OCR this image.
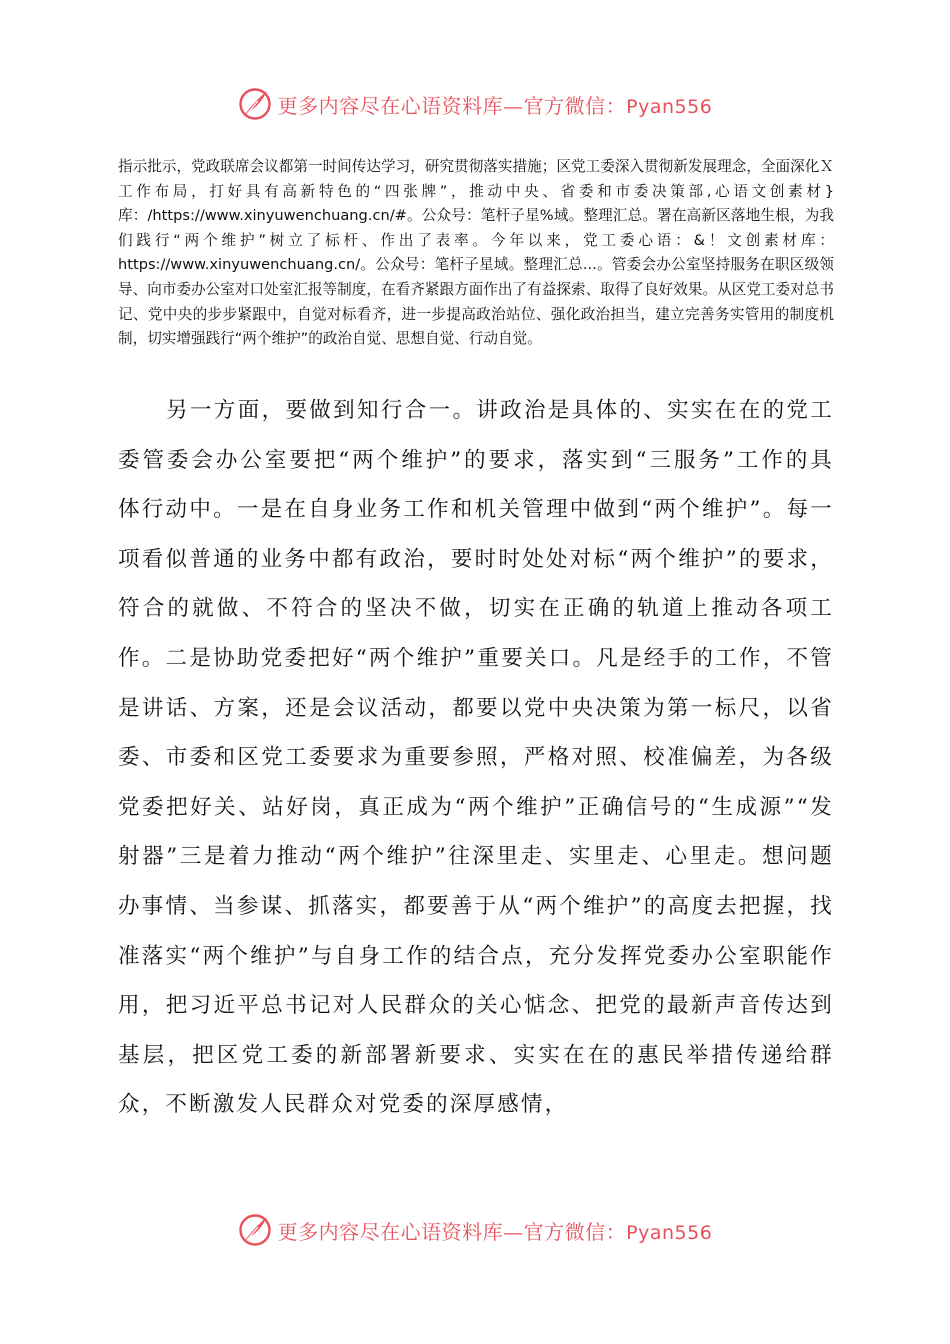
更多内容尽在心语资料库—官方微信：Pyan556

指示批示，党政联席会议都第一时间传达学习，研究贯彻落实措施；区党工委深入贯彻新发展理念，全面深化Ｘ工作布局，打好具有高新特色的“四张牌”，推动中央、省委和市委决策部,心语文创素材}库：/https://www.xinyuwenchuang.cn/#。公众号：笔杆子星%域。整理汇总。署在高新区落地生根，为我们践行“两个维护”树立了标杆、作出了表率。今年以来，党工委心语：&！文创素材库：https://www.xinyuwenchuang.cn/。公众号：笔杆子星域。整理汇总...。管委会办公室坚持服务在职区级领导、向市委办公室对口处室汇报等制度，在看齐紧跟方面作出了有益探索、取得了良好效果。从区党工委对总书记、党中央的步步紧跟中，自觉对标看齐，进一步提高政治站位、强化政治担当，建立完善务实管用的制度机制，切实增强践行“两个维护”的政治自觉、思想自觉、行动自觉。

另一方面，要做到知行合一。讲政治是具体的、实实在在的党工委管委会办公室要把“两个维护”的要求，落实到“三服务”工作的具体行动中。一是在自身业务工作和机关管理中做到“两个维护”。每一项看似普通的业务中都有政治，要时时处处对标“两个维护”的要求，符合的就做、不符合的坚决不做，切实在正确的轨道上推动各项工作。二是协助党委把好“两个维护”重要关口。凡是经手的工作，不管是讲话、方案，还是会议活动，都要以党中央决策为第一标尺，以省委、市委和区党工委要求为重要参照，严格对照、校准偏差，为各级党委把好关、站好岗，真正成为“两个维护”正确信号的“生成源”“发射器”三是着力推动“两个维护”往深里走、实里走、心里走。想问题办事情、当参谋、抓落实，都要善于从“两个维护”的高度去把握，找准落实“两个维护”与自身工作的结合点，充分发挥党委办公室职能作用，把习近平总书记对人民群众的关心惦念、把党的最新声音传达到基层，把区党工委的新部署新要求、实实在在的惠民举措传递给群众，不断激发人民群众对党委的深厚感情，

更多内容尽在心语资料库—官方微信：Pyan556
